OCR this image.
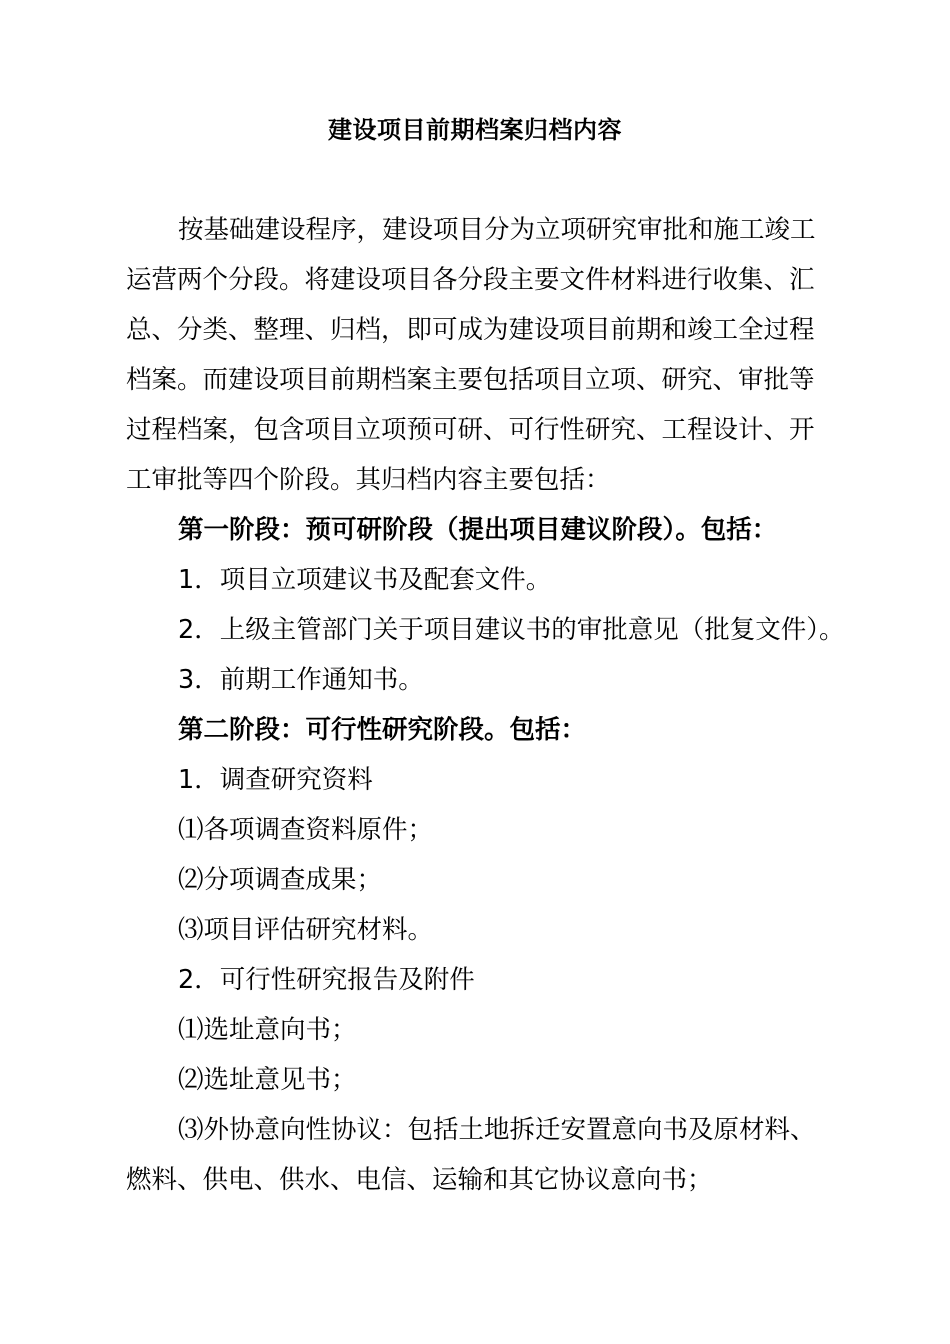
建设项目前期档案归档内容

按基础建设程序，建设项目分为立项研究审批和施工竣工

运营两个分段。将建设项目各分段主要文件材料进行收集、汇

总、分类、整理、归档，即可成为建设项目前期和竣工全过程

档案。而建设项目前期档案主要包括项目立项、研究、审批等

过程档案，包含项目立项预可研、可行性研究、工程设计、开

工审批等四个阶段。其归档内容主要包括：

第一阶段：预可研阶段（提出项目建议阶段）。包括：

1．项目立项建议书及配套文件。

2．上级主管部门关于项目建议书的审批意见（批复文件）。

3．前期工作通知书。

第二阶段：可行性研究阶段。包括：

1．调查研究资料

⑴各项调查资料原件；

⑵分项调查成果；

⑶项目评估研究材料。

2．可行性研究报告及附件

⑴选址意向书；

⑵选址意见书；

⑶外协意向性协议：包括土地拆迁安置意向书及原材料、

燃料、供电、供水、电信、运输和其它协议意向书；
